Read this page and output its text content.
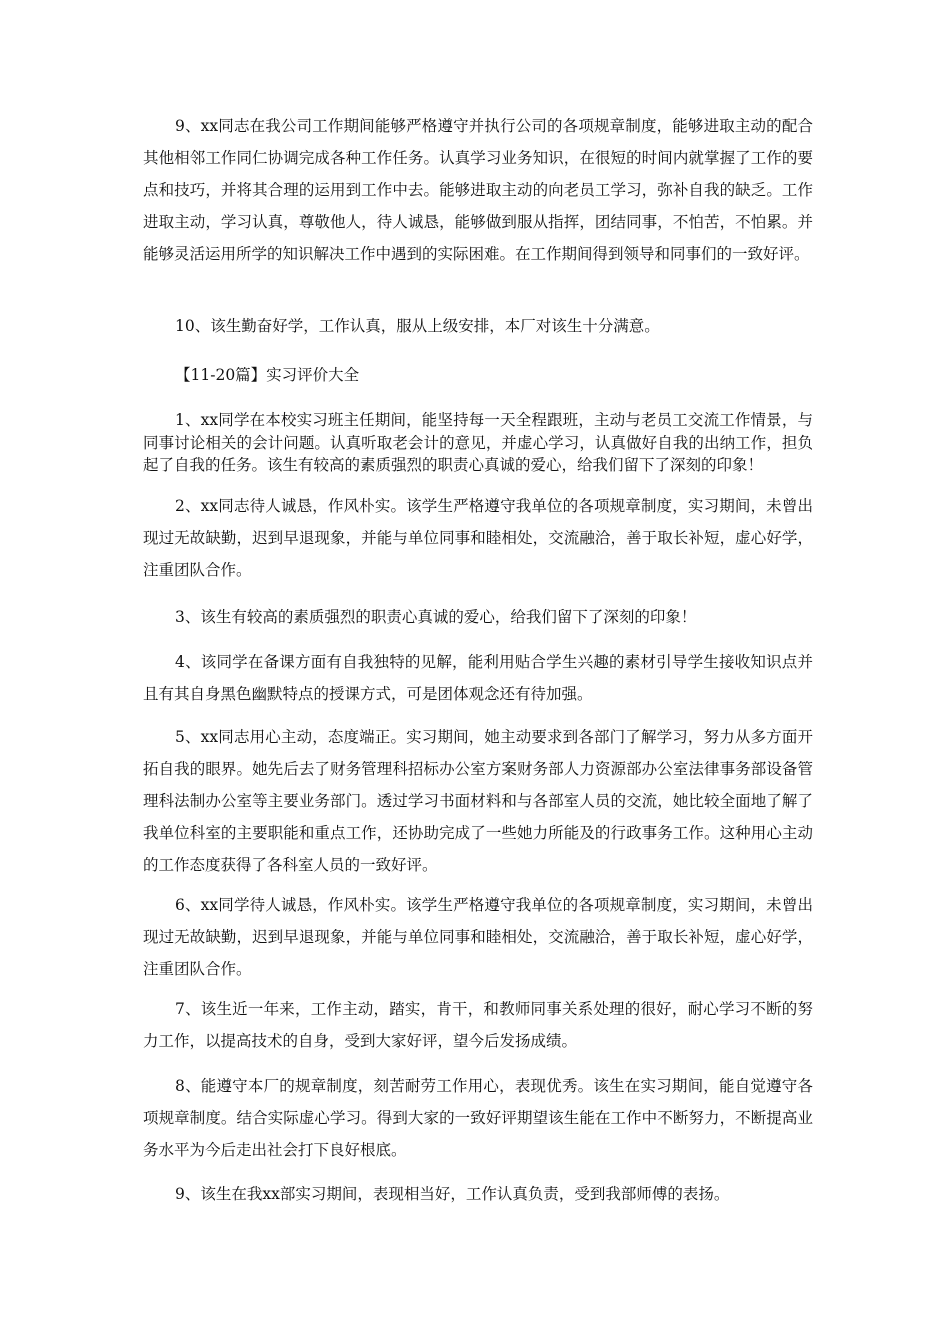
9、xx同志在我公司工作期间能够严格遵守并执行公司的各项规章制度，能够进取主动的配合其他相邻工作同仁协调完成各种工作任务。认真学习业务知识，在很短的时间内就掌握了工作的要点和技巧，并将其合理的运用到工作中去。能够进取主动的向老员工学习，弥补自我的缺乏。工作进取主动，学习认真，尊敬他人，待人诚恳，能够做到服从指挥，团结同事，不怕苦，不怕累。并能够灵活运用所学的知识解决工作中遇到的实际困难。在工作期间得到领导和同事们的一致好评。

10、该生勤奋好学，工作认真，服从上级安排，本厂对该生十分满意。

【11-20篇】实习评价大全

1、xx同学在本校实习班主任期间，能坚持每一天全程跟班，主动与老员工交流工作情景，与同事讨论相关的会计问题。认真听取老会计的意见，并虚心学习，认真做好自我的出纳工作，担负起了自我的任务。该生有较高的素质强烈的职责心真诚的爱心，给我们留下了深刻的印象！

2、xx同志待人诚恳，作风朴实。该学生严格遵守我单位的各项规章制度，实习期间，未曾出现过无故缺勤，迟到早退现象，并能与单位同事和睦相处，交流融洽，善于取长补短，虚心好学，注重团队合作。

3、该生有较高的素质强烈的职责心真诚的爱心，给我们留下了深刻的印象！

4、该同学在备课方面有自我独特的见解，能利用贴合学生兴趣的素材引导学生接收知识点并且有其自身黑色幽默特点的授课方式，可是团体观念还有待加强。

5、xx同志用心主动，态度端正。实习期间，她主动要求到各部门了解学习，努力从多方面开拓自我的眼界。她先后去了财务管理科招标办公室方案财务部人力资源部办公室法律事务部设备管理科法制办公室等主要业务部门。透过学习书面材料和与各部室人员的交流，她比较全面地了解了我单位科室的主要职能和重点工作，还协助完成了一些她力所能及的行政事务工作。这种用心主动的工作态度获得了各科室人员的一致好评。

6、xx同学待人诚恳，作风朴实。该学生严格遵守我单位的各项规章制度，实习期间，未曾出现过无故缺勤，迟到早退现象，并能与单位同事和睦相处，交流融洽，善于取长补短，虚心好学，注重团队合作。

7、该生近一年来，工作主动，踏实，肯干，和教师同事关系处理的很好，耐心学习不断的努力工作，以提高技术的自身，受到大家好评，望今后发扬成绩。

8、能遵守本厂的规章制度，刻苦耐劳工作用心，表现优秀。该生在实习期间，能自觉遵守各项规章制度。结合实际虚心学习。得到大家的一致好评期望该生能在工作中不断努力，不断提高业务水平为今后走出社会打下良好根底。

9、该生在我xx部实习期间，表现相当好，工作认真负责，受到我部师傅的表扬。
